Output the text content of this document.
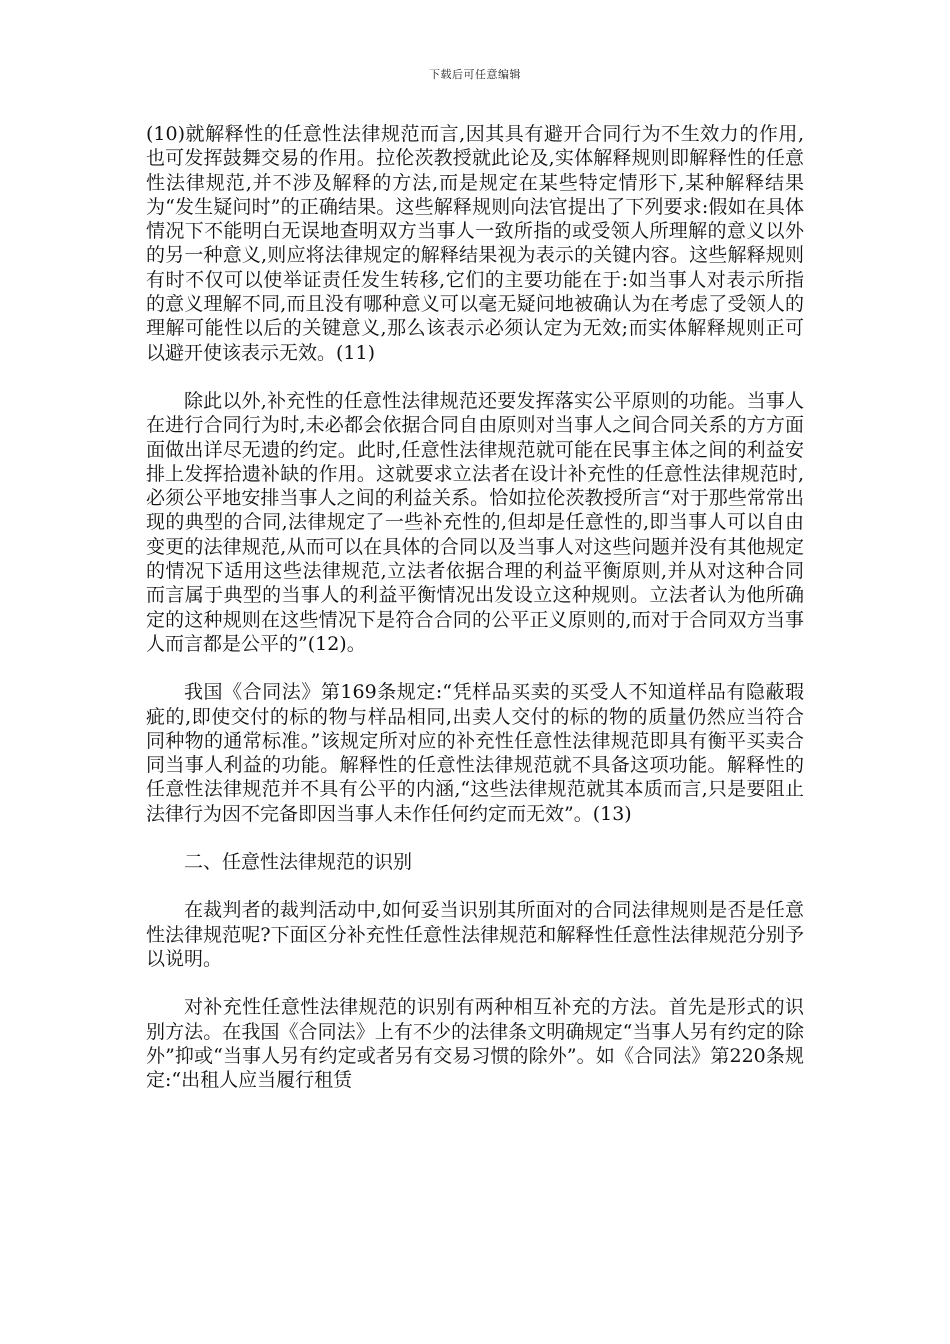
下载后可任意编辑

(10)就解释性的任意性法律规范而言,因其具有避开合同行为不生效力的作用,也可发挥鼓舞交易的作用。拉伦茨教授就此论及,实体解释规则即解释性的任意性法律规范,并不涉及解释的方法,而是规定在某些特定情形下,某种解释结果为“发生疑问时”的正确结果。这些解释规则向法官提出了下列要求:假如在具体情况下不能明白无误地查明双方当事人一致所指的或受领人所理解的意义以外的另一种意义,则应将法律规定的解释结果视为表示的关键内容。这些解释规则有时不仅可以使举证责任发生转移,它们的主要功能在于:如当事人对表示所指的意义理解不同,而且没有哪种意义可以毫无疑问地被确认为在考虑了受领人的理解可能性以后的关键意义,那么该表示必须认定为无效;而实体解释规则正可以避开使该表示无效。(11)

除此以外,补充性的任意性法律规范还要发挥落实公平原则的功能。当事人在进行合同行为时,未必都会依据合同自由原则对当事人之间合同关系的方方面面做出详尽无遗的约定。此时,任意性法律规范就可能在民事主体之间的利益安排上发挥拾遗补缺的作用。这就要求立法者在设计补充性的任意性法律规范时,必须公平地安排当事人之间的利益关系。恰如拉伦茨教授所言“对于那些常常出现的典型的合同,法律规定了一些补充性的,但却是任意性的,即当事人可以自由变更的法律规范,从而可以在具体的合同以及当事人对这些问题并没有其他规定的情况下适用这些法律规范,立法者依据合理的利益平衡原则,并从对这种合同而言属于典型的当事人的利益平衡情况出发设立这种规则。立法者认为他所确定的这种规则在这些情况下是符合合同的公平正义原则的,而对于合同双方当事人而言都是公平的”(12)。

我国《合同法》第169条规定:“凭样品买卖的买受人不知道样品有隐蔽瑕疵的,即使交付的标的物与样品相同,出卖人交付的标的物的质量仍然应当符合同种物的通常标准。”该规定所对应的补充性任意性法律规范即具有衡平买卖合同当事人利益的功能。解释性的任意性法律规范就不具备这项功能。解释性的任意性法律规范并不具有公平的内涵,“这些法律规范就其本质而言,只是要阻止法律行为因不完备即因当事人未作任何约定而无效”。(13)

二、任意性法律规范的识别

在裁判者的裁判活动中,如何妥当识别其所面对的合同法律规则是否是任意性法律规范呢?下面区分补充性任意性法律规范和解释性任意性法律规范分别予以说明。

对补充性任意性法律规范的识别有两种相互补充的方法。首先是形式的识别方法。在我国《合同法》上有不少的法律条文明确规定“当事人另有约定的除外”抑或“当事人另有约定或者另有交易习惯的除外”。如《合同法》第220条规定:“出租人应当履行租赁
